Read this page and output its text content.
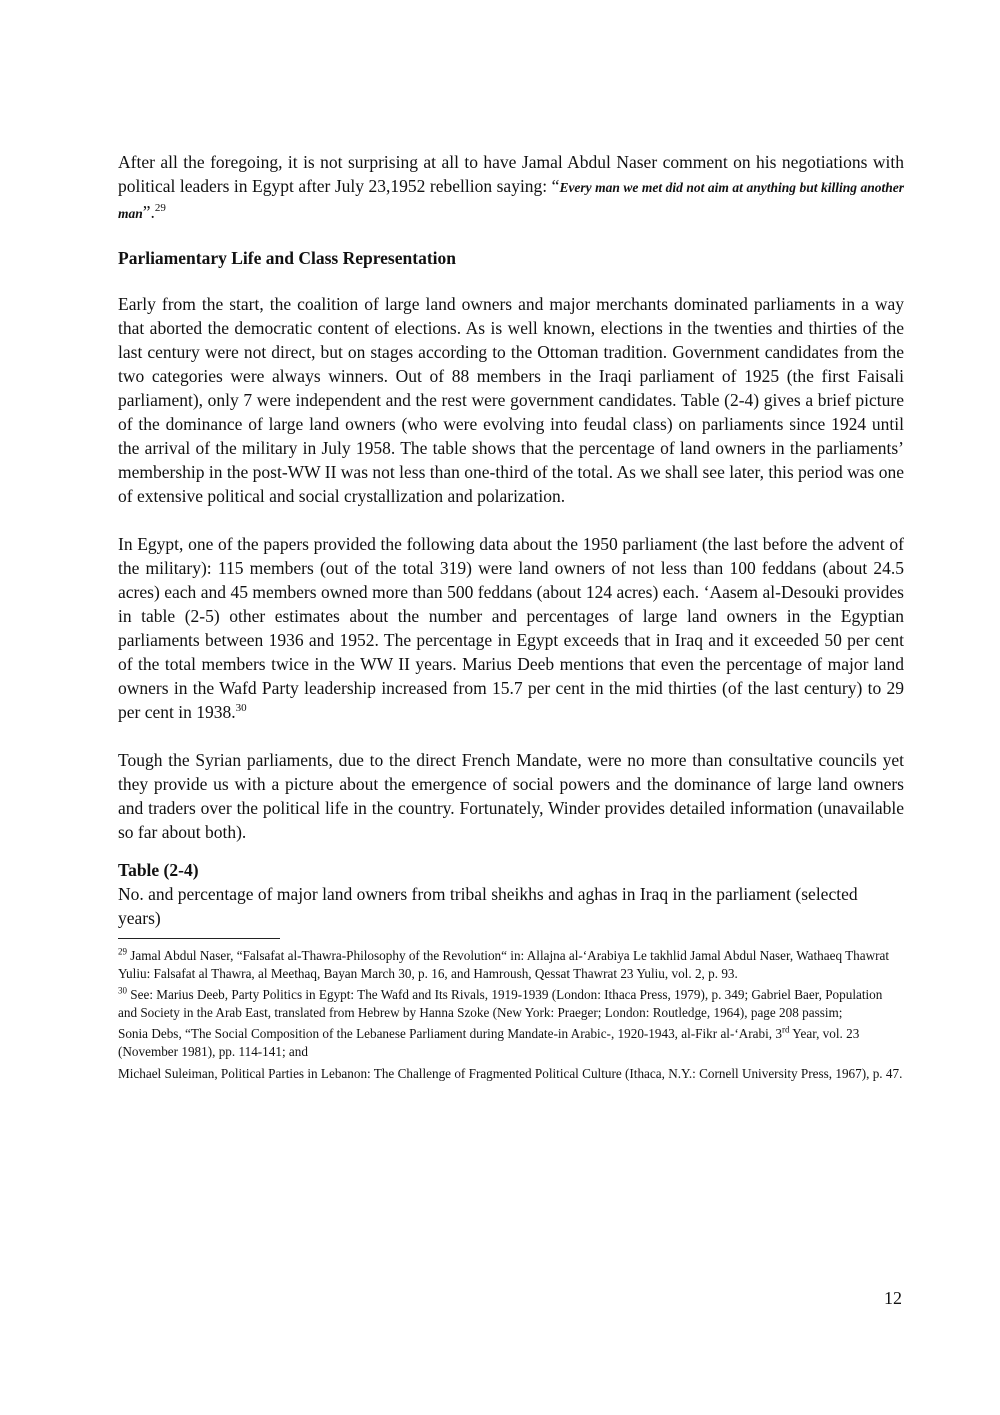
After all the foregoing, it is not surprising at all to have Jamal Abdul Naser comment on his negotiations with political leaders in Egypt after July 23,1952 rebellion saying: “Every man we met did not aim at anything but killing another man”.$^{29}$

Parliamentary Life and Class Representation

Early from the start, the coalition of large land owners and major merchants dominated parliaments in a way that aborted the democratic content of elections. As is well known, elections in the twenties and thirties of the last century were not direct, but on stages according to the Ottoman tradition. Government candidates from the two categories were always winners. Out of 88 members in the Iraqi parliament of 1925 (the first Faisali parliament), only 7 were independent and the rest were government candidates. Table (2-4) gives a brief picture of the dominance of large land owners (who were evolving into feudal class) on parliaments since 1924 until the arrival of the military in July 1958. The table shows that the percentage of land owners in the parliaments’ membership in the post-WW II was not less than one-third of the total. As we shall see later, this period was one of extensive political and social crystallization and polarization.

In Egypt, one of the papers provided the following data about the 1950 parliament (the last before the advent of the military): 115 members (out of the total 319) were land owners of not less than 100 feddans (about 24.5 acres) each and 45 members owned more than 500 feddans (about 124 acres) each. ‘Aasem al-Desouki provides in table (2-5) other estimates about the number and percentages of large land owners in the Egyptian parliaments between 1936 and 1952. The percentage in Egypt exceeds that in Iraq and it exceeded 50 per cent of the total members twice in the WW II years. Marius Deeb mentions that even the percentage of major land owners in the Wafd Party leadership increased from 15.7 per cent in the mid thirties (of the last century) to 29 per cent in 1938.30

Tough the Syrian parliaments, due to the direct French Mandate, were no more than consultative councils yet they provide us with a picture about the emergence of social powers and the dominance of large land owners and traders over the political life in the country. Fortunately, Winder provides detailed information (unavailable so far about both).

Table (2-4)

No. and percentage of major land owners from tribal sheikhs and aghas in Iraq in the parliament (selected years)

$^{29}$ Jamal Abdul Naser, “Falsafat al-Thawra-Philosophy of the Revolution“ in: Allajna al-‘Arabiya Le takhlid Jamal Abdul Naser, Wathaeq Thawrat Yuliu: Falsafat al Thawra, al Meethaq, Bayan March 30, p. 16, and Hamroush, Qessat Thawrat 23 Yuliu, vol. 2, p. 93.

$^{30}$ See: Marius Deeb, Party Politics in Egypt: The Wafd and Its Rivals, 1919-1939 (London: Ithaca Press, 1979), p. 349; Gabriel Baer, Population and Society in the Arab East, translated from Hebrew by Hanna Szoke (New York: Praeger; London: Routledge, 1964), page 208 passim;

Sonia Debs, “The Social Composition of the Lebanese Parliament during Mandate-in Arabic-, 1920-1943, al-Fikr al-‘Arabi, 3rd Year, vol. 23 (November 1981), pp. 114-141; and

Michael Suleiman, Political Parties in Lebanon: The Challenge of Fragmented Political Culture (Ithaca, N.Y.: Cornell University Press, 1967), p. 47.

12
